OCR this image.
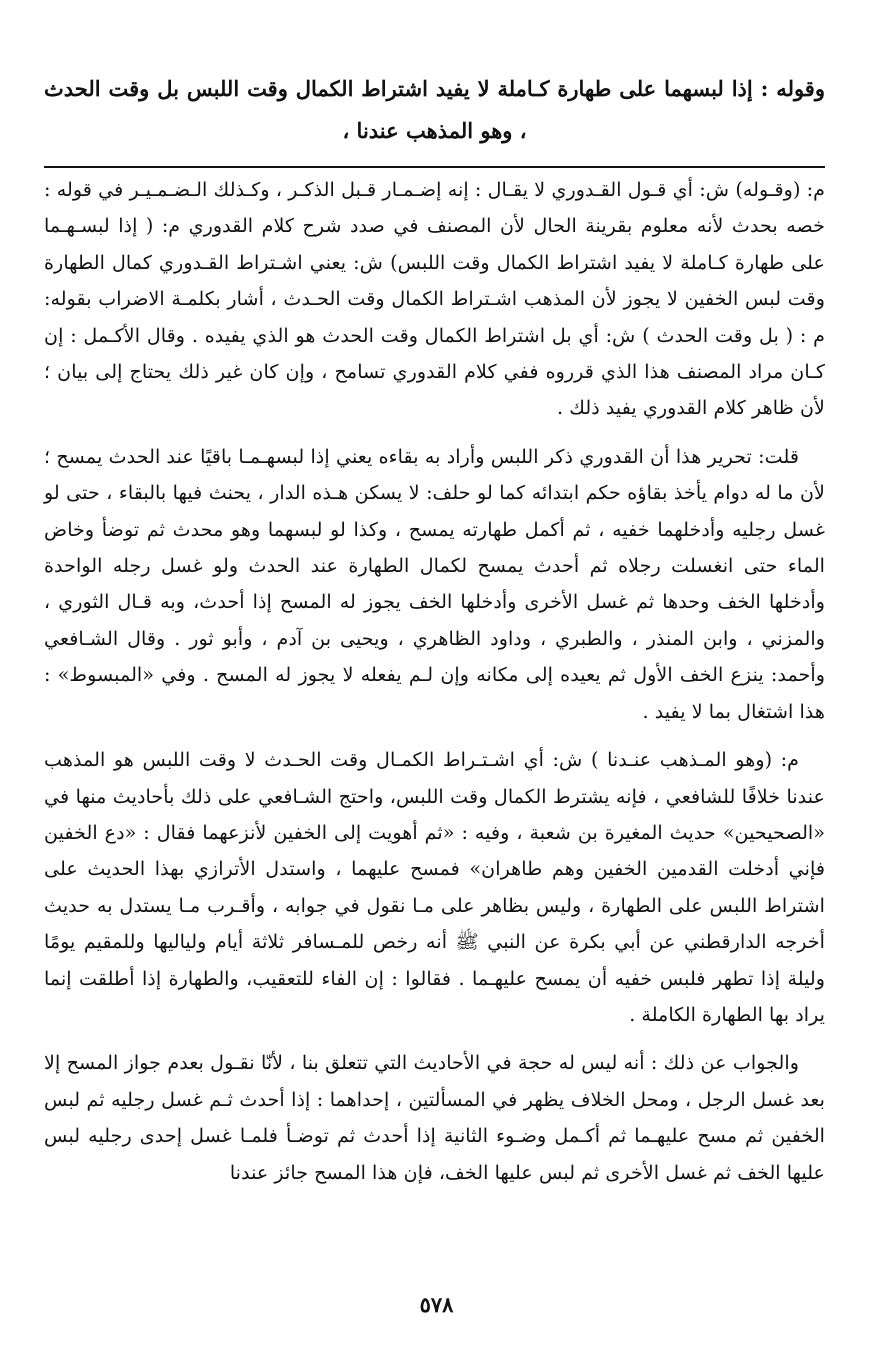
وقوله : إذا لبسهما على طهارة كـاملة لا يفيد اشتراط الكمال وقت اللبس بل وقت الحدث ، وهو المذهب عندنا ،

م: (وقـوله) ش: أي قـول القـدوري لا يقـال : إنه إضـمـار قـبل الذكـر ، وكـذلك الـضـمـيـر في قوله : خصه بحدث لأنه معلوم بقرينة الحال لأن المصنف في صدد شرح كلام القدوري م: ( إذا لبسـهـما على طهارة كـاملة لا يفيد اشتراط الكمال وقت اللبس) ش: يعني اشـتراط القـدوري كمال الطهارة وقت لبس الخفين لا يجوز لأن المذهب اشـتراط الكمال وقت الحـدث ، أشار بكلمـة الاضراب بقوله: م : ( بل وقت الحدث ) ش: أي بل اشتراط الكمال وقت الحدث هو الذي يفيده . وقال الأكـمل : إن كـان مراد المصنف هذا الذي قرروه ففي كلام القدوري تسامح ، وإن كان غير ذلك يحتاج إلى بيان ؛ لأن ظاهر كلام القدوري يفيد ذلك .

قلت: تحرير هذا أن القدوري ذكر اللبس وأراد به بقاءه يعني إذا لبسهـمـا باقيًا عند الحدث يمسح ؛ لأن ما له دوام يأخذ بقاؤه حكم ابتدائه كما لو حلف: لا يسكن هـذه الدار ، يحنث فيها بالبقاء ، حتى لو غسل رجليه وأدخلهما خفيه ، ثم أكمل طهارته يمسح ، وكذا لو لبسهما وهو محدث ثم توضأ وخاض الماء حتى انغسلت رجلاه ثم أحدث يمسح لكمال الطهارة عند الحدث ولو غسل رجله الواحدة وأدخلها الخف وحدها ثم غسل الأخرى وأدخلها الخف يجوز له المسح إذا أحدث، وبه قـال الثوري ، والمزني ، وابن المنذر ، والطبري ، وداود الظاهري ، ويحيى بن آدم ، وأبو ثور . وقال الشـافعي وأحمد: ينزع الخف الأول ثم يعيده إلى مكانه وإن لـم يفعله لا يجوز له المسح . وفي «المبسوط» : هذا اشتغال بما لا يفيد .

م: (وهو المـذهب عنـدنا ) ش: أي اشـتـراط الكمـال وقت الحـدث لا وقت اللبس هو المذهب عندنا خلافًا للشافعي ، فإنه يشترط الكمال وقت اللبس، واحتج الشـافعي على ذلك بأحاديث منها في «الصحيحين» حديث المغيرة بن شعبة ، وفيه : «ثم أهويت إلى الخفين لأنزعهما فقال : «دع الخفين فإني أدخلت القدمين الخفين وهم طاهران» فمسح عليهما ، واستدل الأترازي بهذا الحديث على اشتراط اللبس على الطهارة ، وليس بظاهر على مـا نقول في جوابه ، وأقـرب مـا يستدل به حديث أخرجه الدارقطني عن أبي بكرة عن النبي ﷺ أنه رخص للمـسافر ثلاثة أيام ولياليها وللمقيم يومًا وليلة إذا تطهر فلبس خفيه أن يمسح عليهـما . فقالوا : إن الفاء للتعقيب، والطهارة إذا أطلقت إنما يراد بها الطهارة الكاملة .

والجواب عن ذلك : أنه ليس له حجة في الأحاديث التي تتعلق بنا ، لأنّا نقـول بعدم جواز المسح إلا بعد غسل الرجل ، ومحل الخلاف يظهر في المسألتين ، إحداهما : إذا أحدث ثـم غسل رجليه ثم لبس الخفين ثم مسح عليهـما ثم أكـمل وضـوء الثانية إذا أحدث ثم توضـأ فلمـا غسل إحدى رجليه لبس عليها الخف ثم غسل الأخرى ثم لبس عليها الخف، فإن هذا المسح جائز عندنا

٥٧٨
